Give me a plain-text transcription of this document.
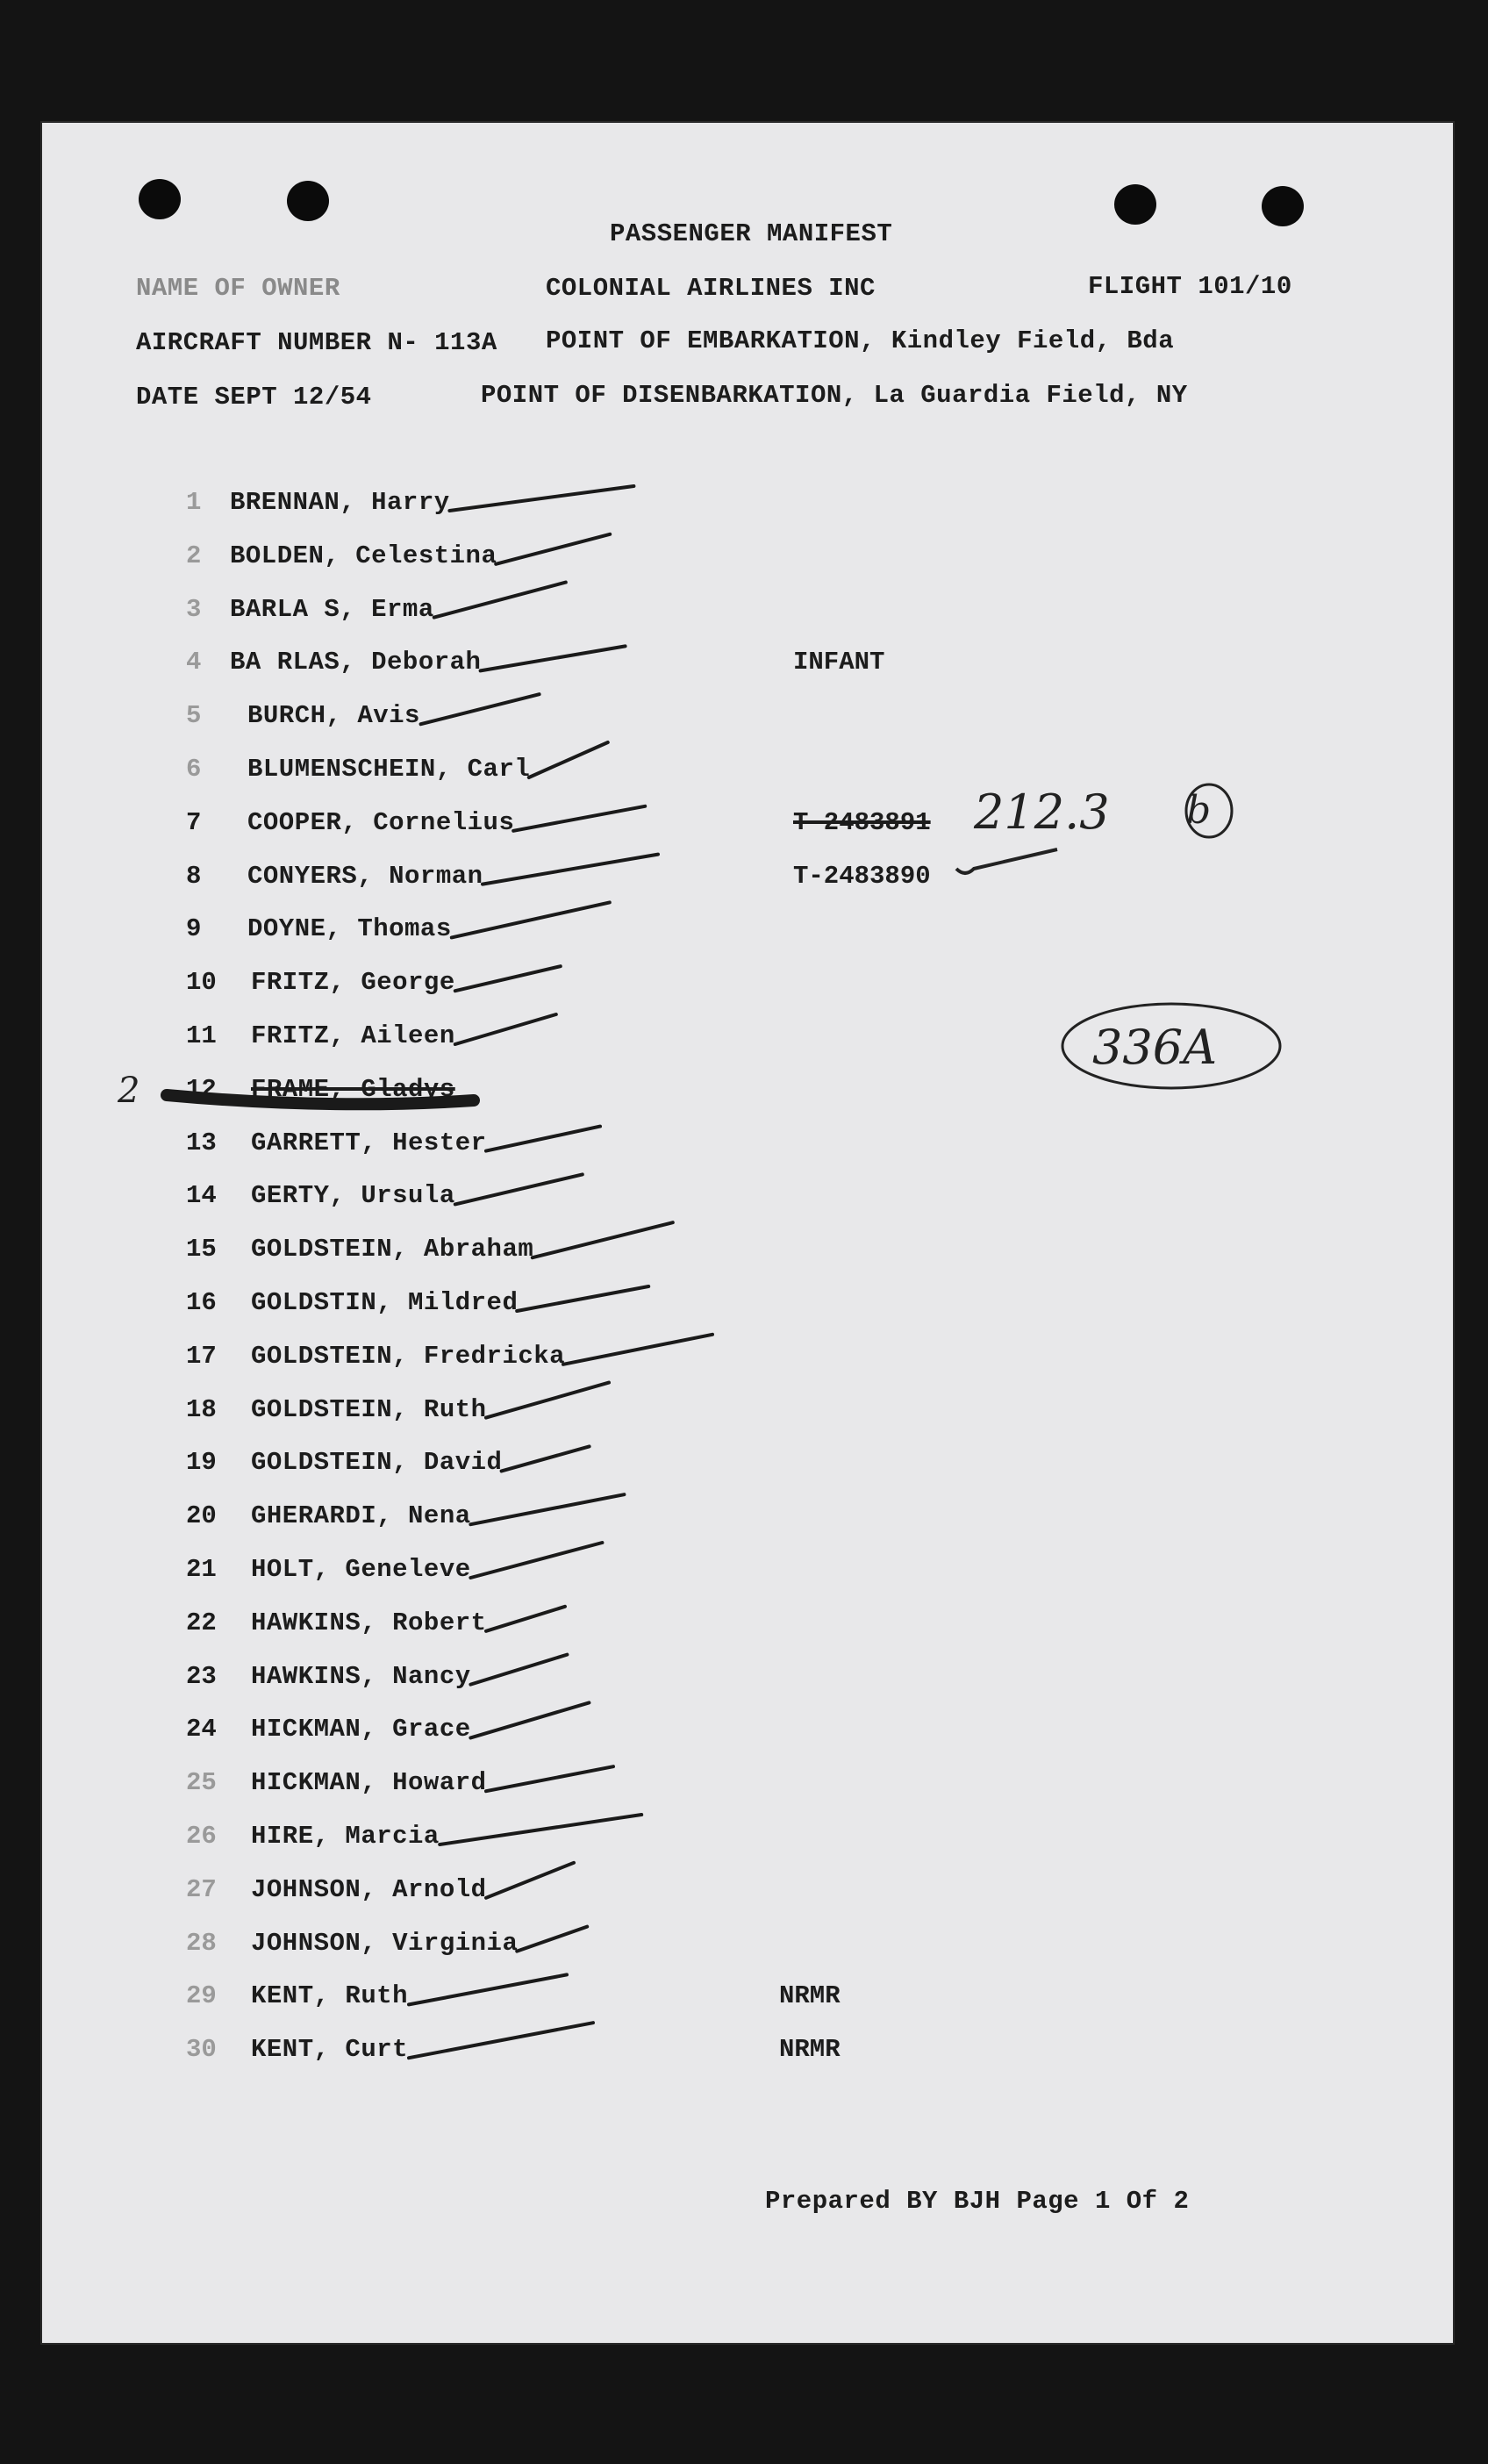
PASSENGER MANIFEST
NAME OF OWNER	COLONIAL AIRLINES INC	FLIGHT 101/10
AIRCRAFT NUMBER N- 113A POINT OF EMBARKATION, Kindley Field, Bda
DATE SEPT 12/54	POINT OF DISENBARKATION, La Guardia Field, NY
1 BRENNAN, Harry
2 BOLDEN, Celestina
3 BARLA S, Erma
4 BA RLAS, Deborah	INFANT
5 BURCH, Avis
6 BLUMENSCHEIN, Carl
7 COOPER, Cornelius	T-2483891
8 CONYERS, Norman	T-2483890
9 DOYNE, Thomas
10 FRITZ, George
11 FRITZ, Aileen
12 FRAME, Gladys
13 GARRETT, Hester
14 GERTY, Ursula
15 GOLDSTEIN, Abraham
16 GOLDSTIN, Mildred
17 GOLDSTEIN, Fredricka
18 GOLDSTEIN, Ruth
19 GOLDSTEIN, David
20 GHERARDI, Nena
21 HOLT, Genelеve
22 HAWKINS, Robert
23 HAWKINS, Nancy
24 HICKMAN, Grace
25 HICKMAN, Howard
26 HIRE, Marcia
27 JOHNSON, Arnold
28 JOHNSON, Virginia
29 KENT, Ruth	NRMR
30 KENT, Curt	NRMR
212.3 b
336A
2
Prepared BY BJH Page 1 Of 2
